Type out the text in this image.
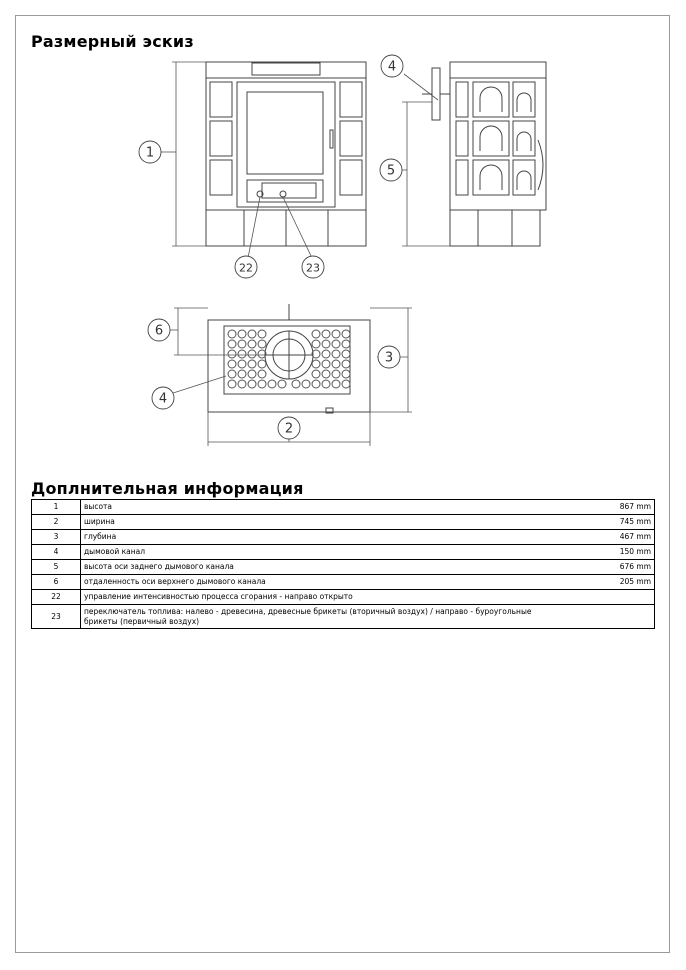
Размерный эскиз
1
4
5
6
3
4
2
22	23
Доплнительная информация
1	высота 867 mm

2	ширина 745 mm

3	глубина 467 mm

4	дымовой канал 150 mm

5	высота оси заднего дымового канала 676 mm

6	отдаленность оси верхнего дымового канала 205 mm

22	управление интенсивностью процесса сгорания - направо открыто

23	переключатель топлива: налево - древесина, древесные брикеты (вторичный воздух) / направо - буроугольные брикеты (первичный воздух)
